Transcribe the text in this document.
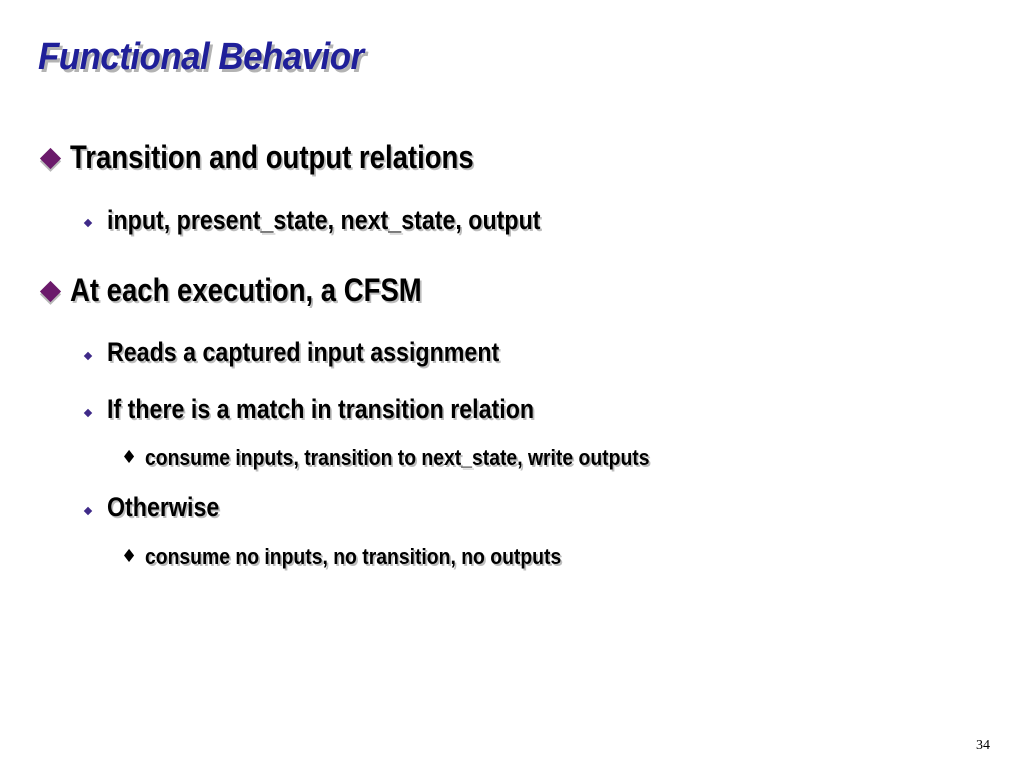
Functional Behavior
Transition and output relations
input, present_state, next_state, output
At each execution, a CFSM
Reads a captured input assignment
If there is a match in transition relation
♦ consume inputs, transition to next_state, write outputs
Otherwise
♦ consume no inputs, no transition, no outputs
34
